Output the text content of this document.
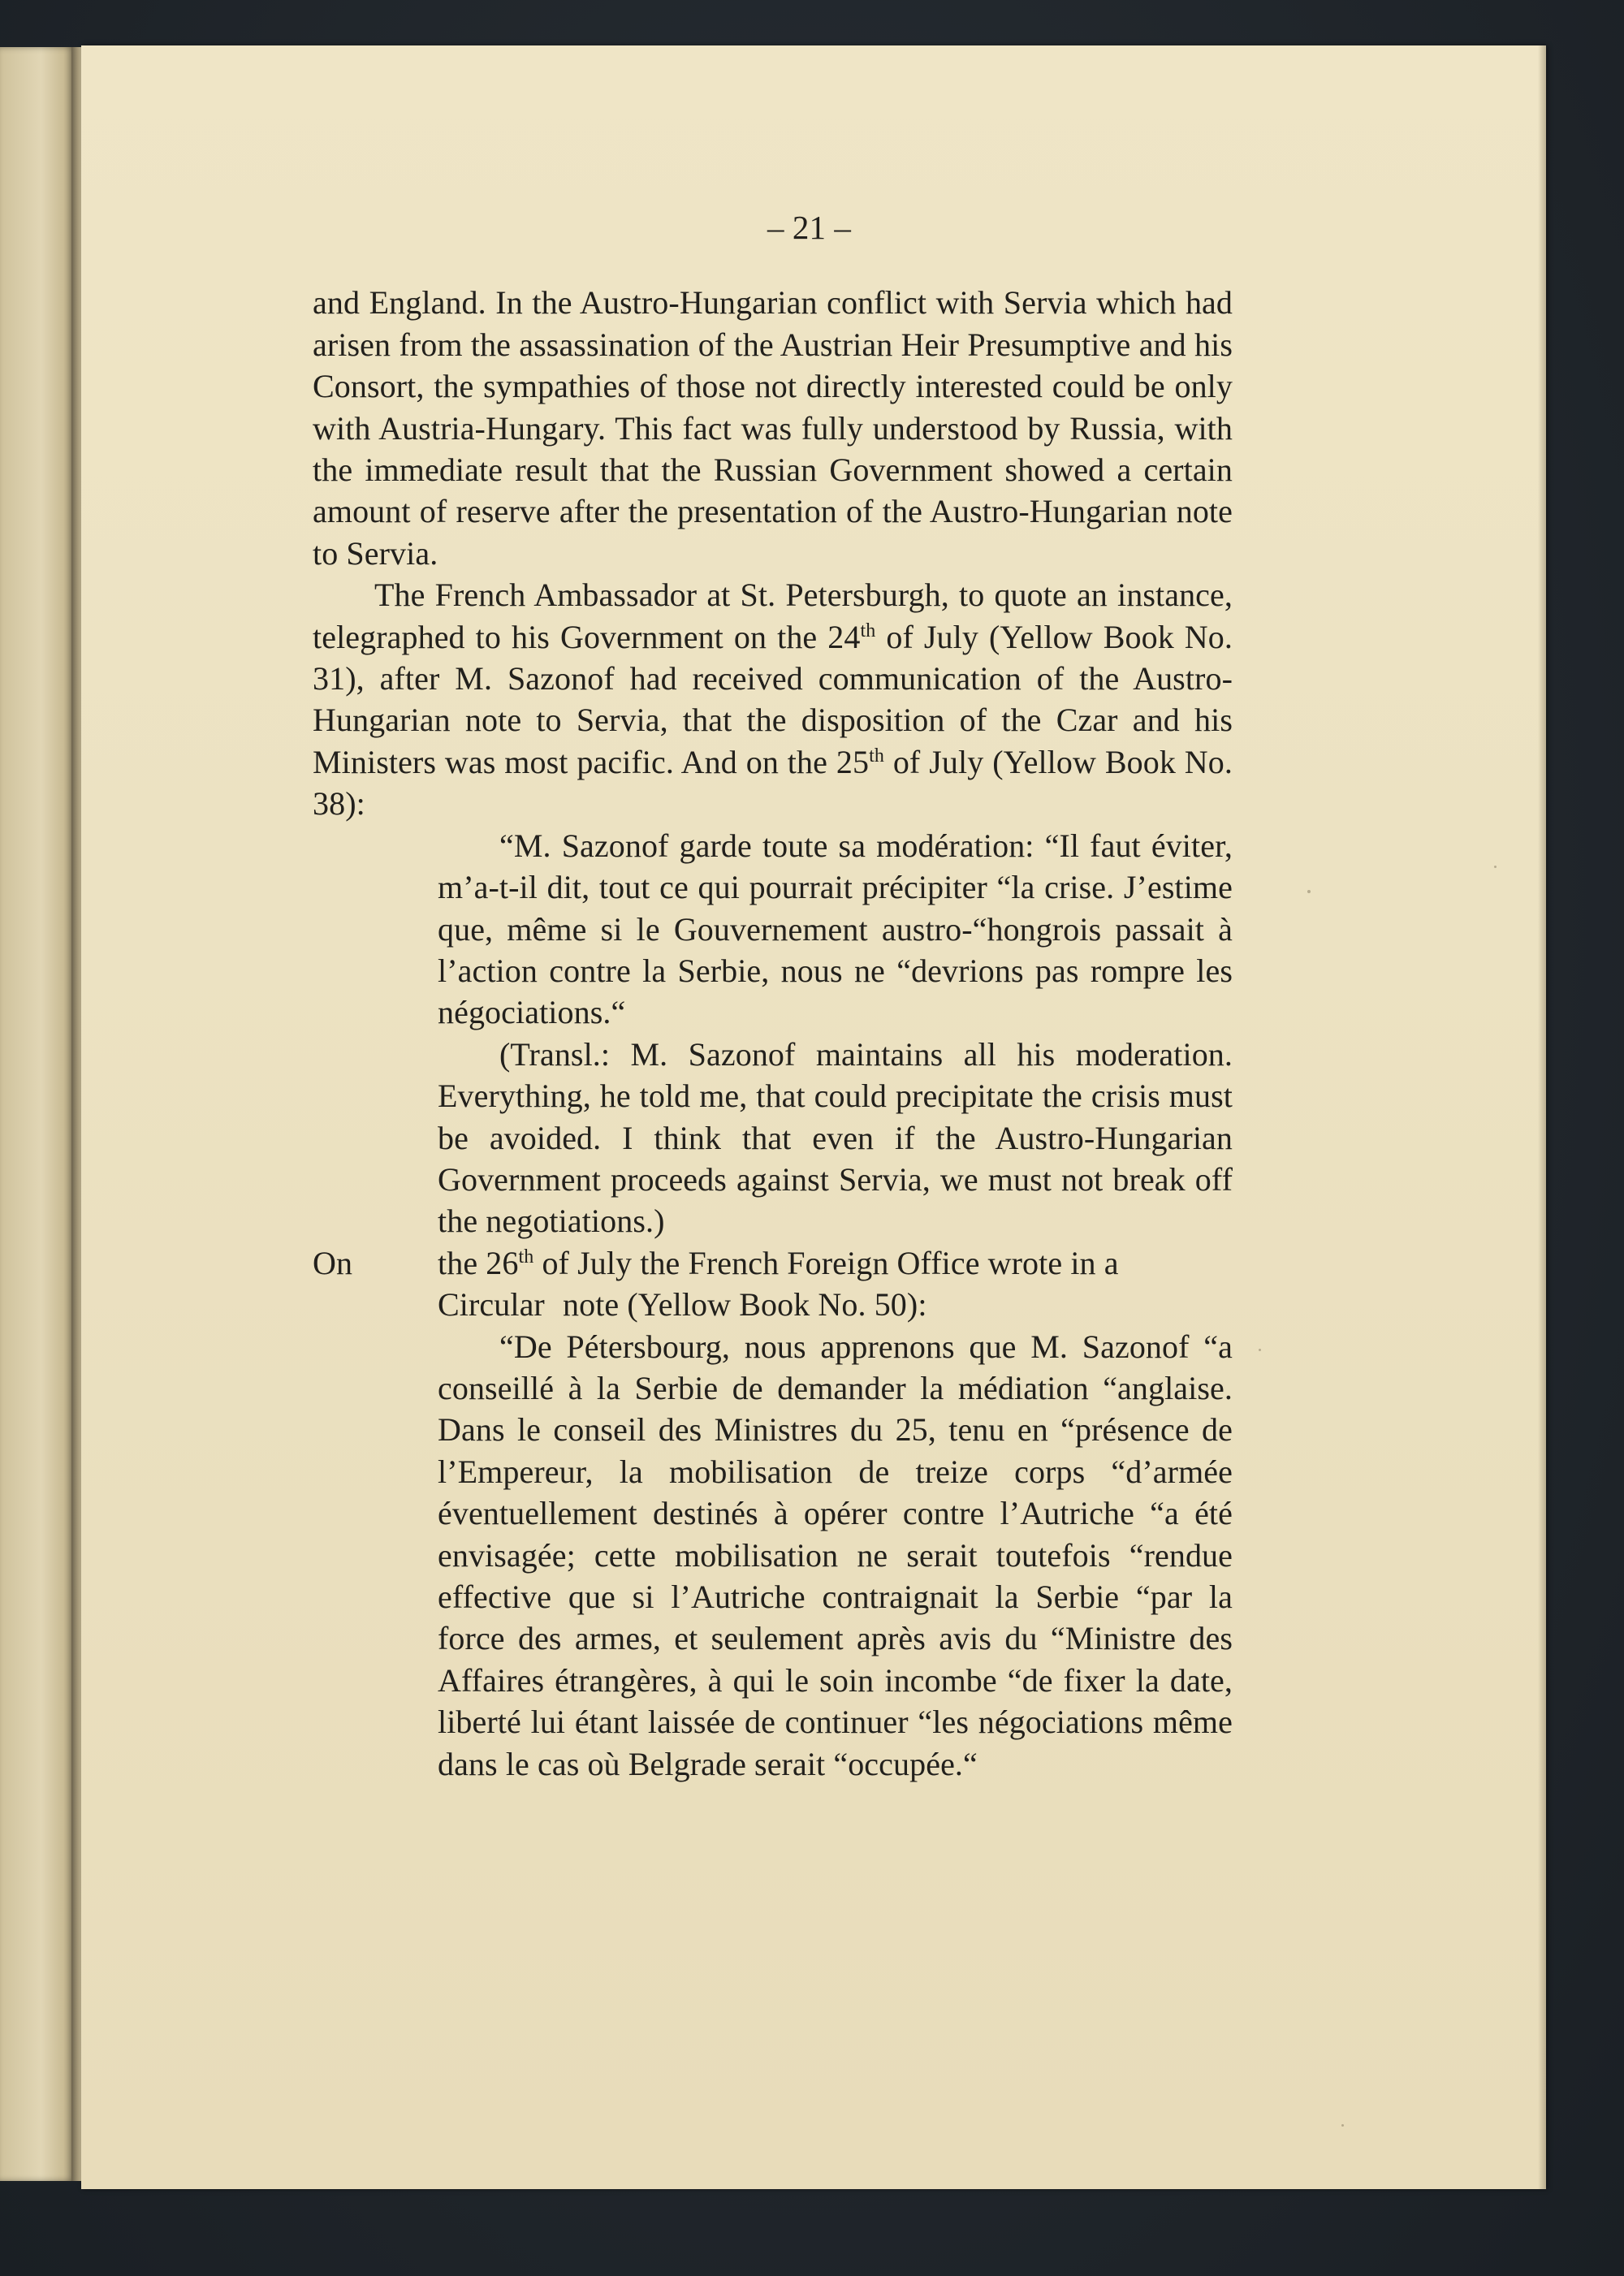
– 21 –

and England. In the Austro-Hungarian conflict with Servia which had arisen from the assassination of the Austrian Heir Presumptive and his Consort, the sympathies of those not directly interested could be only with Austria-Hungary. This fact was fully understood by Russia, with the immediate result that the Russian Government showed a certain amount of reserve after the presentation of the Austro-Hungarian note to Servia.

The French Ambassador at St. Petersburgh, to quote an instance, telegraphed to his Government on the 24th of July (Yellow Book No. 31), after M. Sazonof had received communication of the Austro-Hungarian note to Servia, that the disposition of the Czar and his Ministers was most pacific. And on the 25th of July (Yellow Book No. 38):

“M. Sazonof garde toute sa modération: “Il faut éviter, m’a-t-il dit, tout ce qui pourrait précipiter “la crise. J’estime que, même si le Gouvernement austro-“hongrois passait à l’action contre la Serbie, nous ne “devrions pas rompre les négociations.“

(Transl.: M. Sazonof maintains all his moderation. Everything, he told me, that could precipitate the crisis must be avoided. I think that even if the Austro-Hungarian Government proceeds against Servia, we must not break off the negotiations.)

On	the 26th of July the French Foreign Office wrote in a
Circular note (Yellow Book No. 50):

“De Pétersbourg, nous apprenons que M. Sazonof “a conseillé à la Serbie de demander la médiation “anglaise. Dans le conseil des Ministres du 25, tenu en “présence de l’Empereur, la mobilisation de treize corps “d’armée éventuellement destinés à opérer contre l’Autriche “a été envisagée; cette mobilisation ne serait toutefois “rendue effective que si l’Autriche contraignait la Serbie “par la force des armes, et seulement après avis du “Ministre des Affaires étrangères, à qui le soin incombe “de fixer la date, liberté lui étant laissée de continuer “les négociations même dans le cas où Belgrade serait “occupée.“
